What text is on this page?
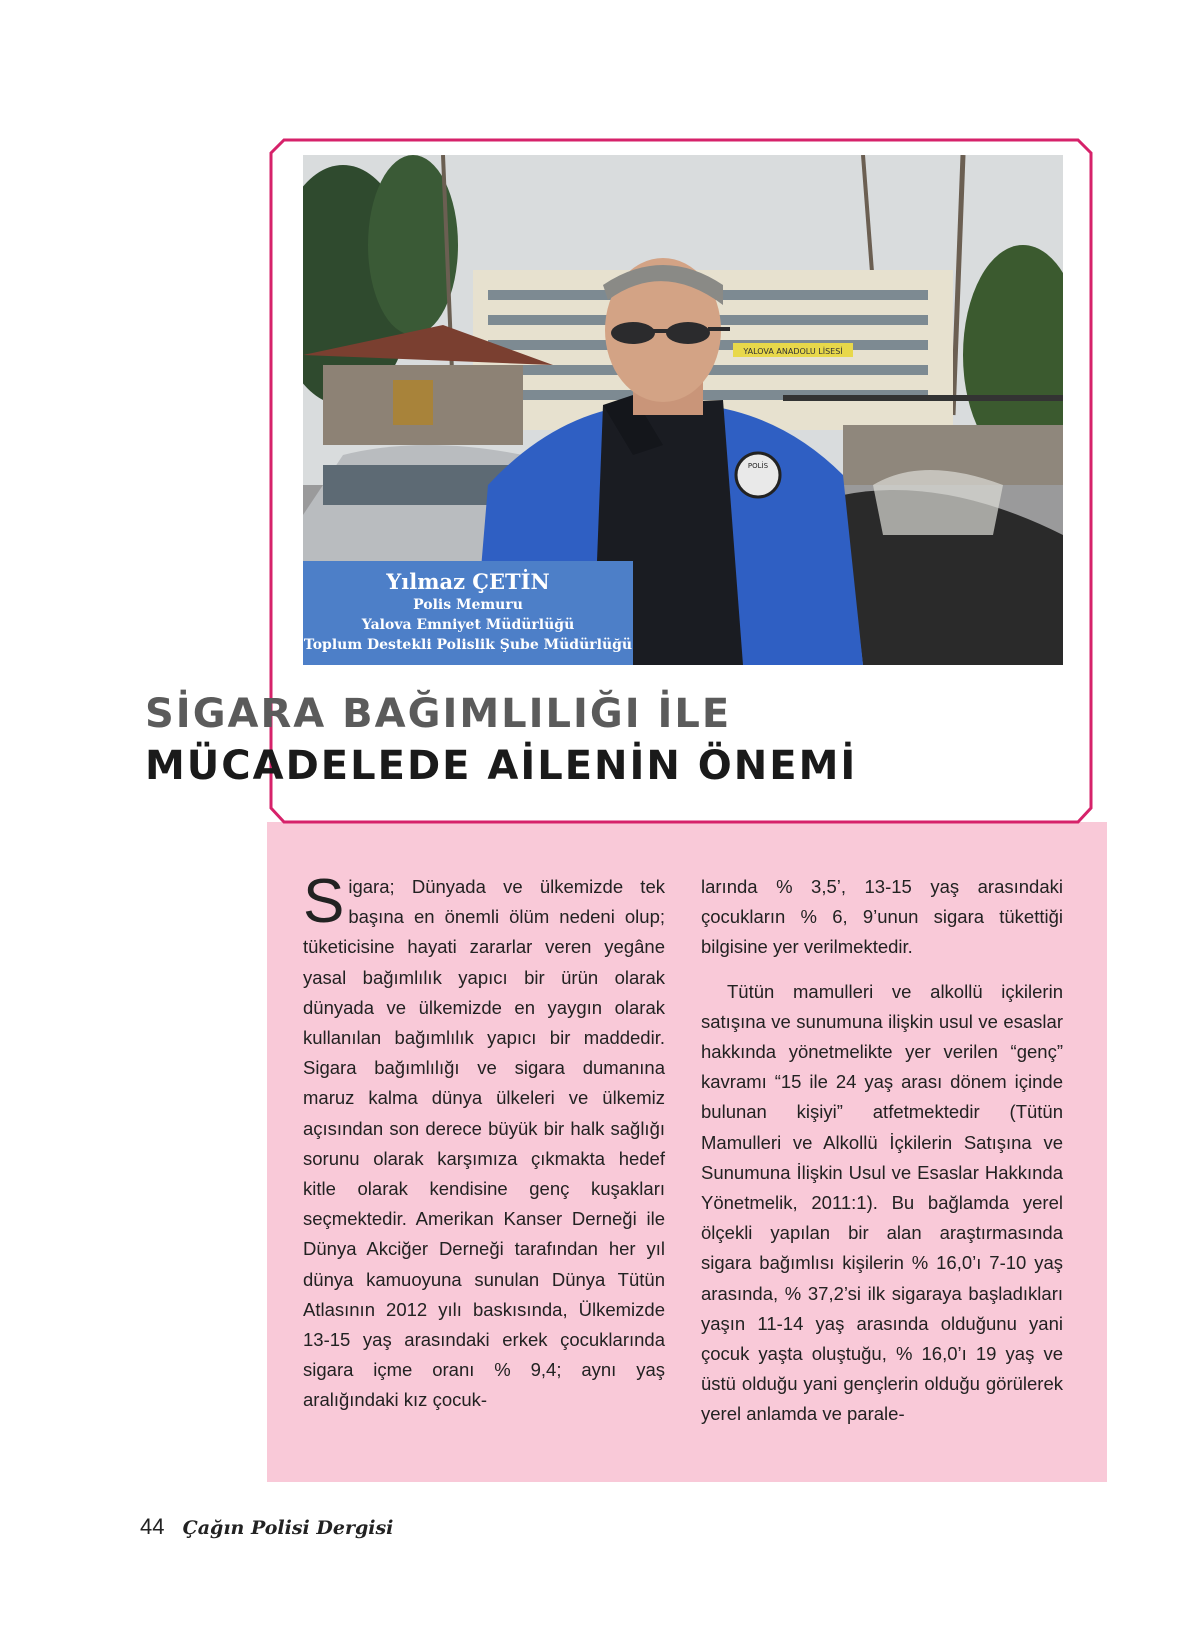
YALOVA ANADOLU LİSESİ
POLİS
Yılmaz ÇETİN
Polis Memuru
Yalova Emniyet Müdürlüğü
Toplum Destekli Polislik Şube Müdürlüğü
SİGARA BAĞIMLILIĞI İLE
MÜCADELEDE AİLENİN ÖNEMİ

Sigara; Dünyada ve ülkemizde tek başına en önemli ölüm nedeni olup; tüketicisine hayati zararlar veren yegâne yasal bağımlılık yapıcı bir ürün olarak dünyada ve ülkemizde en yaygın olarak kullanılan bağımlılık yapıcı bir maddedir. Sigara bağımlılığı ve sigara dumanına maruz kalma dünya ülkeleri ve ülkemiz açısından son derece büyük bir halk sağlığı sorunu olarak karşımıza çıkmakta hedef kitle olarak kendisine genç kuşakları seçmektedir. Amerikan Kanser Derneği ile Dünya Akciğer Derneği tarafından her yıl dünya kamuoyuna sunulan Dünya Tütün Atlasının 2012 yılı baskısında, Ülkemizde 13-15 yaş arasındaki erkek çocuklarında sigara içme oranı % 9,4; aynı yaş aralığındaki kız çocuk-

larında % 3,5’, 13-15 yaş arasındaki çocukların % 6, 9’unun sigara tükettiği bilgisine yer verilmektedir.

Tütün mamulleri ve alkollü içkilerin satışına ve sunumuna ilişkin usul ve esaslar hakkında yönetmelikte yer verilen “genç” kavramı “15 ile 24 yaş arası dönem içinde bulunan kişiyi” atfetmektedir (Tütün Mamulleri ve Alkollü İçkilerin Satışına ve Sunumuna İlişkin Usul ve Esaslar Hakkında Yönetmelik, 2011:1). Bu bağlamda yerel ölçekli yapılan bir alan araştırmasında sigara bağımlısı kişilerin % 16,0’ı 7-10 yaş arasında, % 37,2’si ilk sigaraya başladıkları yaşın 11-14 yaş arasında olduğunu yani çocuk yaşta oluştuğu, % 16,0’ı 19 yaş ve üstü olduğu yani gençlerin olduğu görülerek yerel anlamda ve parale-

44 Çağın Polisi Dergisi
